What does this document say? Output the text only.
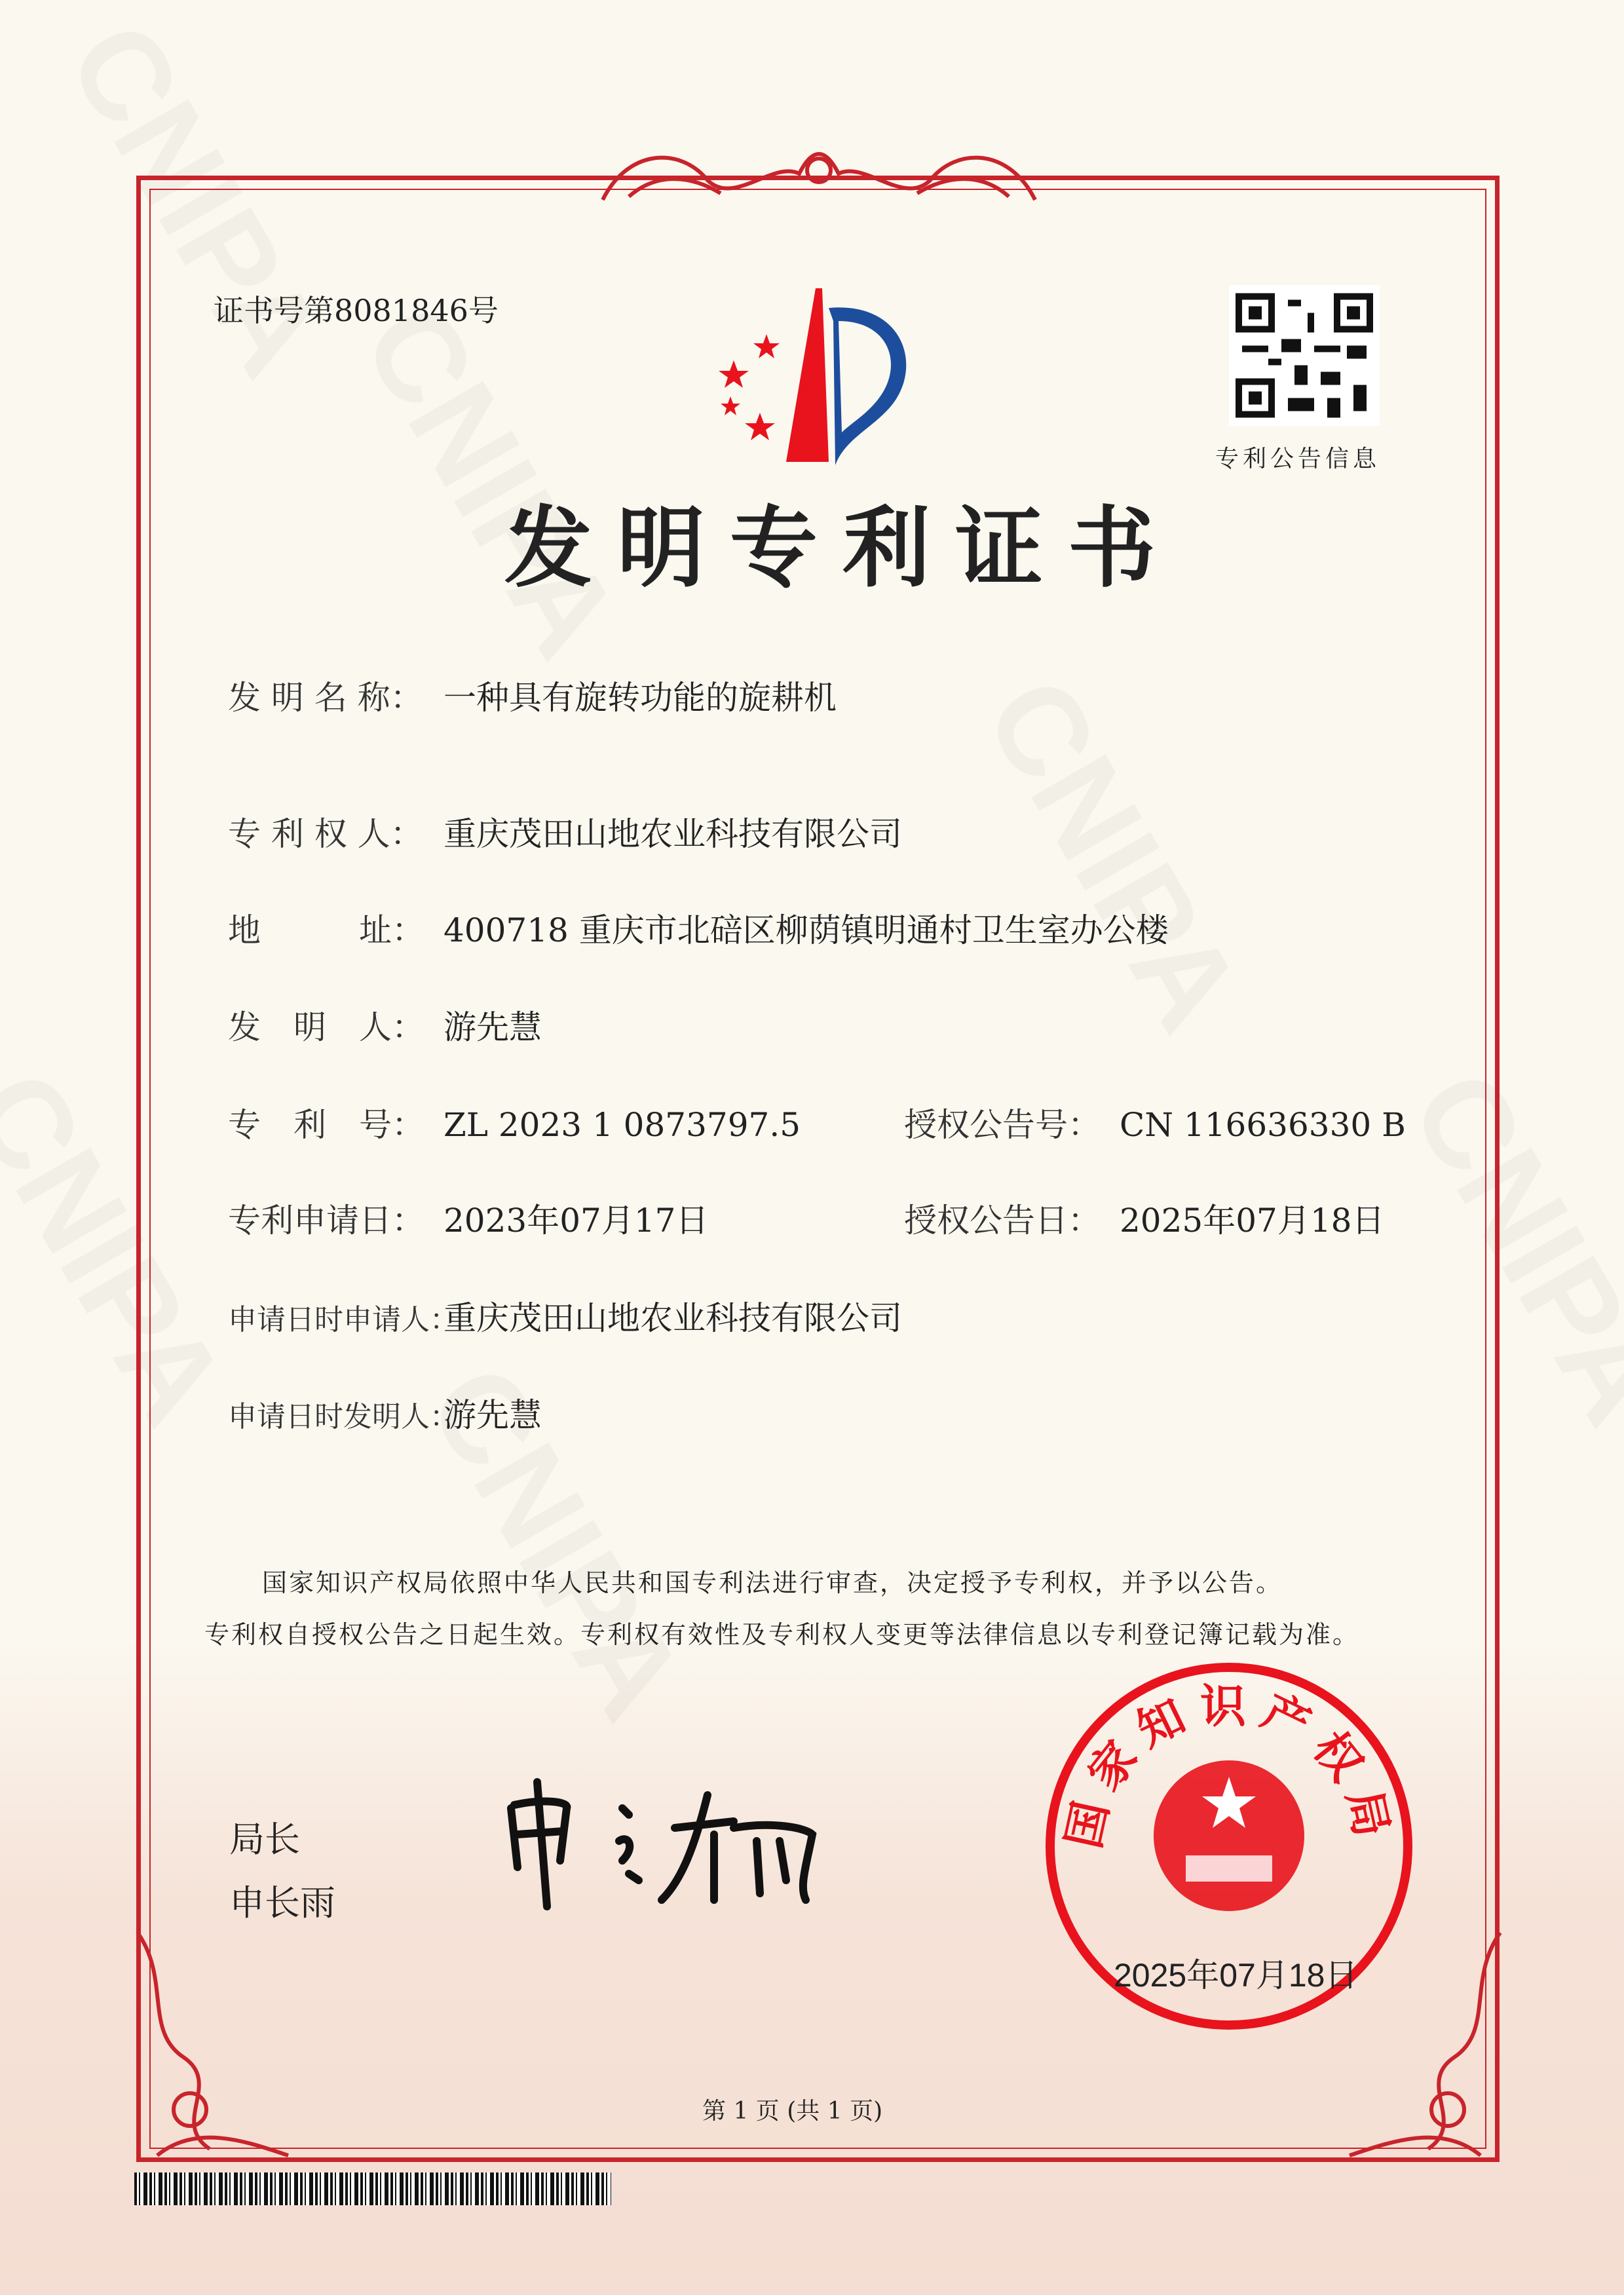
证书号第8081846号
专利公告信息
发明专利证书
发 明 名 称： 一种具有旋转功能的旋耕机
专 利 权 人： 重庆茂田山地农业科技有限公司
地　　　址： 400718 重庆市北碚区柳荫镇明通村卫生室办公楼
发　明　人： 游先慧
专　利　号： ZL 2023 1 0873797.5	授权公告号： CN 116636330 B
专利申请日： 2023年07月17日	授权公告日： 2025年07月18日
申请日时申请人：重庆茂田山地农业科技有限公司
申请日时发明人：游先慧
国家知识产权局依照中华人民共和国专利法进行审查，决定授予专利权，并予以公告。
专利权自授权公告之日起生效。专利权有效性及专利权人变更等法律信息以专利登记簿记载为准。
局长
申长雨
国家知识产权局
2025年07月18日
第 1 页 (共 1 页)
